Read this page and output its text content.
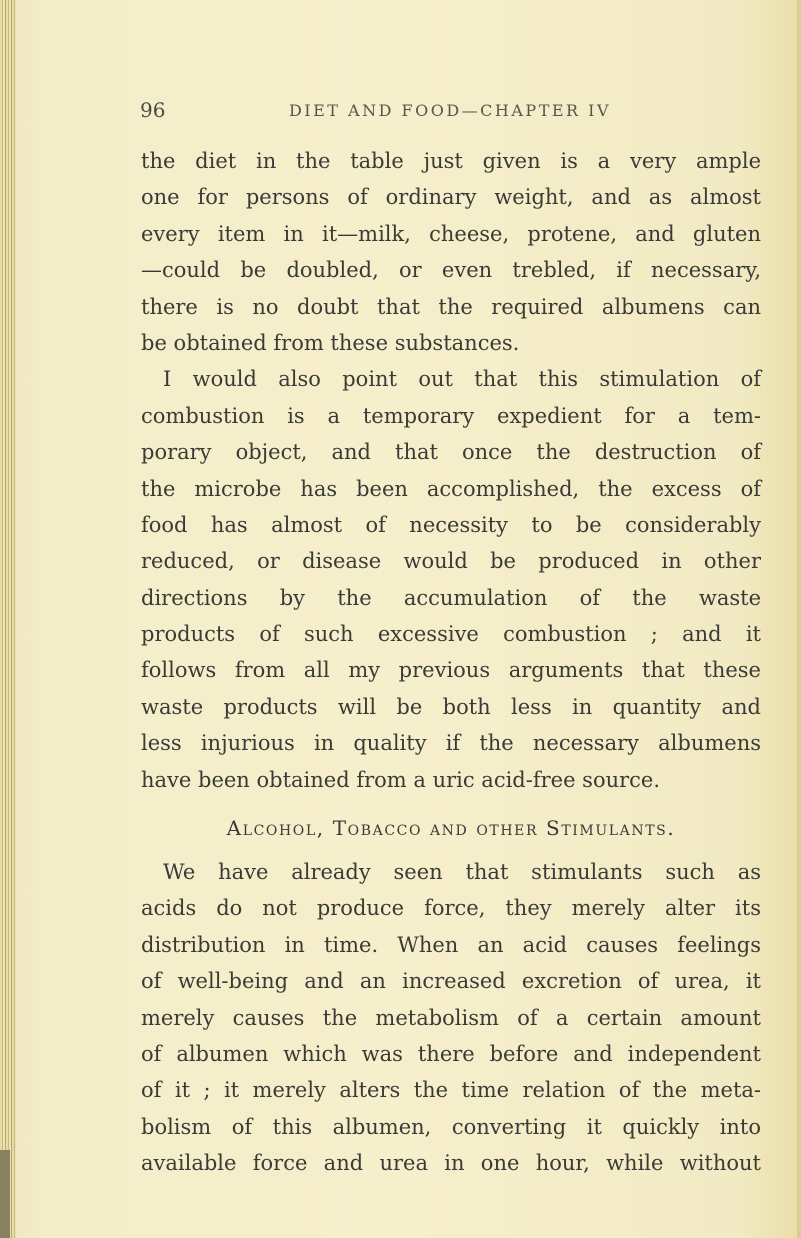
96	DIET AND FOOD—CHAPTER IV
the diet in the table just given is a very ample
one for persons of ordinary weight, and as almost
every item in it—milk, cheese, protene, and gluten
—could be doubled, or even trebled, if necessary,
there is no doubt that the required albumens can
be obtained from these substances.
I would also point out that this stimulation of
combustion is a temporary expedient for a tem-
porary object, and that once the destruction of
the microbe has been accomplished, the excess of
food has almost of necessity to be considerably
reduced, or disease would be produced in other
directions by the accumulation of the waste
products of such excessive combustion ; and it
follows from all my previous arguments that these
waste products will be both less in quantity and
less injurious in quality if the necessary albumens
have been obtained from a uric acid-free source.
Alcohol, Tobacco and other Stimulants.
We have already seen that stimulants such as
acids do not produce force, they merely alter its
distribution in time. When an acid causes feelings
of well-being and an increased excretion of urea, it
merely causes the metabolism of a certain amount
of albumen which was there before and independent
of it ; it merely alters the time relation of the meta-
bolism of this albumen, converting it quickly into
available force and urea in one hour, while without
